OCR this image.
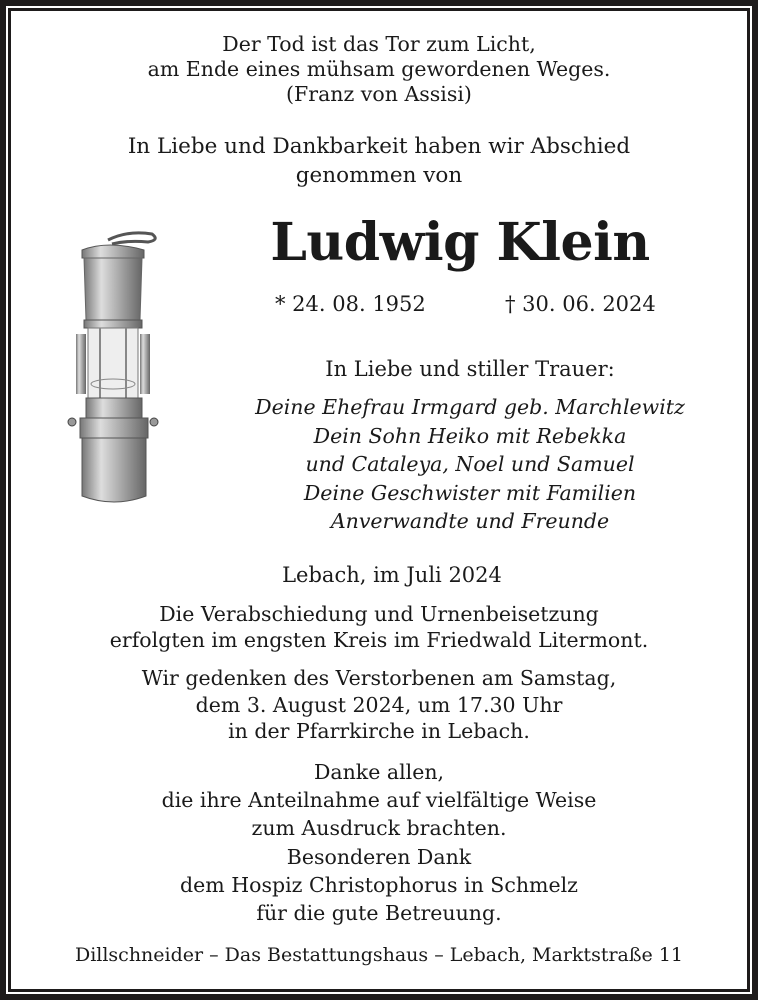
Der Tod ist das Tor zum Licht,
am Ende eines mühsam gewordenen Weges.
(Franz von Assisi)
In Liebe und Dankbarkeit haben wir Abschied
genommen von
Ludwig Klein
* 24. 08. 1952	† 30. 06. 2024
In Liebe und stiller Trauer:
Deine Ehefrau Irmgard geb. Marchlewitz
Dein Sohn Heiko mit Rebekka
und Cataleya, Noel und Samuel
Deine Geschwister mit Familien
Anverwandte und Freunde
Lebach, im Juli 2024
Die Verabschiedung und Urnenbeisetzung
erfolgten im engsten Kreis im Friedwald Litermont.
Wir gedenken des Verstorbenen am Samstag,
dem 3. August 2024, um 17.30 Uhr
in der Pfarrkirche in Lebach.
Danke allen,
die ihre Anteilnahme auf vielfältige Weise
zum Ausdruck brachten.
Besonderen Dank
dem Hospiz Christophorus in Schmelz
für die gute Betreuung.
Dillschneider – Das Bestattungshaus – Lebach, Marktstraße 11
